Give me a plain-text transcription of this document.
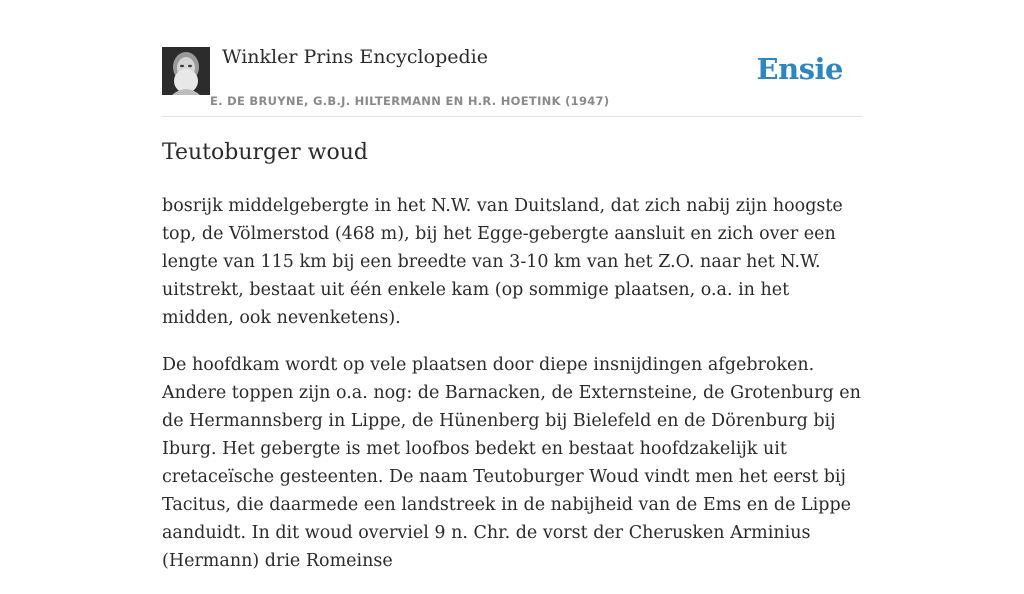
Winkler Prins Encyclopedie
E. DE BRUYNE, G.B.J. HILTERMANN EN H.R. HOETINK (1947)
Ensie
Teutoburger woud

bosrijk middelgebergte in het N.W. van Duitsland, dat zich nabij zijn hoogste top, de Völmerstod (468 m), bij het Egge-gebergte aansluit en zich over een lengte van 115 km bij een breedte van 3-10 km van het Z.O. naar het N.W. uitstrekt, bestaat uit één enkele kam (op sommige plaatsen, o.a. in het midden, ook nevenketens).

De hoofdkam wordt op vele plaatsen door diepe insnijdingen afgebroken. Andere toppen zijn o.a. nog: de Barnacken, de Externsteine, de Grotenburg en de Hermannsberg in Lippe, de Hünenberg bij Bielefeld en de Dörenburg bij Iburg. Het gebergte is met loofbos bedekt en bestaat hoofdzakelijk uit cretaceïsche gesteenten. De naam Teutoburger Woud vindt men het eerst bij Tacitus, die daarmede een landstreek in de nabijheid van de Ems en de Lippe aanduidt. In dit woud overviel 9 n. Chr. de vorst der Cherusken Arminius (Hermann) drie Romeinse
